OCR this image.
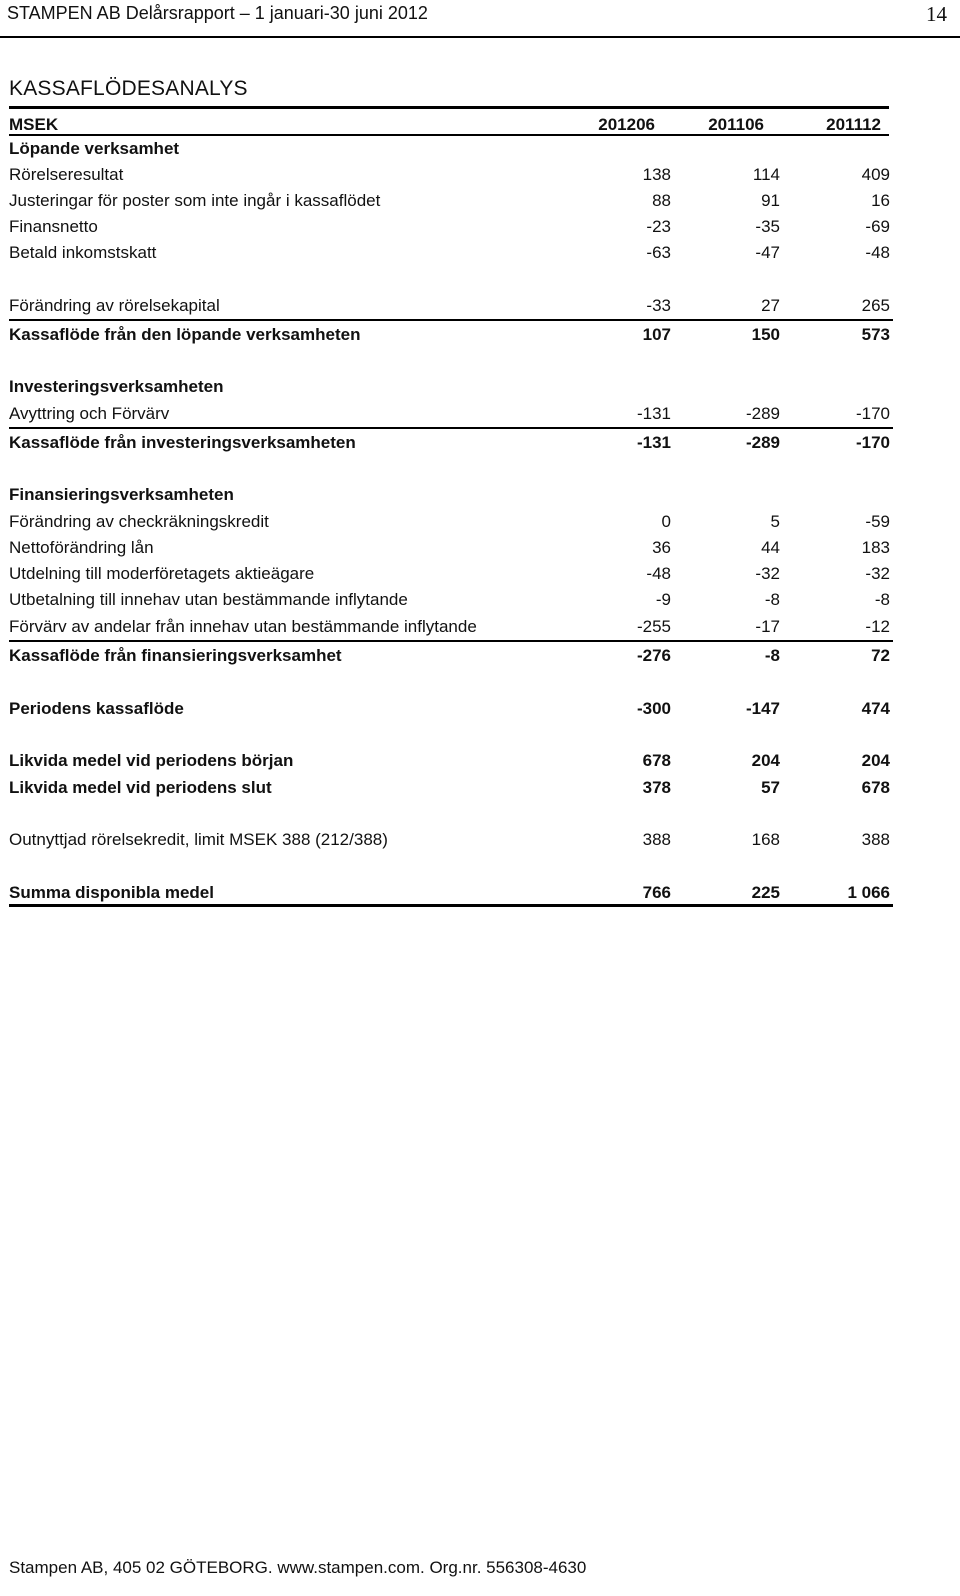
STAMPEN AB Delårsrapport – 1 januari-30 juni 2012	14
KASSAFLÖDESANALYS
MSEK	201206	201106	201112
Löpande verksamhet
Rörelseresultat	138	114	409
Justeringar för poster som inte ingår i kassaflödet	88	91	16
Finansnetto	-23	-35	-69
Betald inkomstskatt	-63	-47	-48
Förändring av rörelsekapital	-33	27	265
Kassaflöde från den löpande verksamheten	107	150	573
Investeringsverksamheten
Avyttring och Förvärv	-131	-289	-170
Kassaflöde från investeringsverksamheten	-131	-289	-170
Finansieringsverksamheten
Förändring av checkräkningskredit	0	5	-59
Nettoförändring lån	36	44	183
Utdelning till moderföretagets aktieägare	-48	-32	-32
Utbetalning till innehav utan bestämmande inflytande	-9	-8	-8
Förvärv av andelar från innehav utan bestämmande inflytande	-255	-17	-12
Kassaflöde från finansieringsverksamhet	-276	-8	72
Periodens kassaflöde	-300	-147	474
Likvida medel vid periodens början	678	204	204
Likvida medel vid periodens slut	378	57	678
Outnyttjad rörelsekredit, limit MSEK 388 (212/388)	388	168	388
Summa disponibla medel	766	225	1 066
Stampen AB, 405 02 GÖTEBORG. www.stampen.com. Org.nr. 556308-4630
